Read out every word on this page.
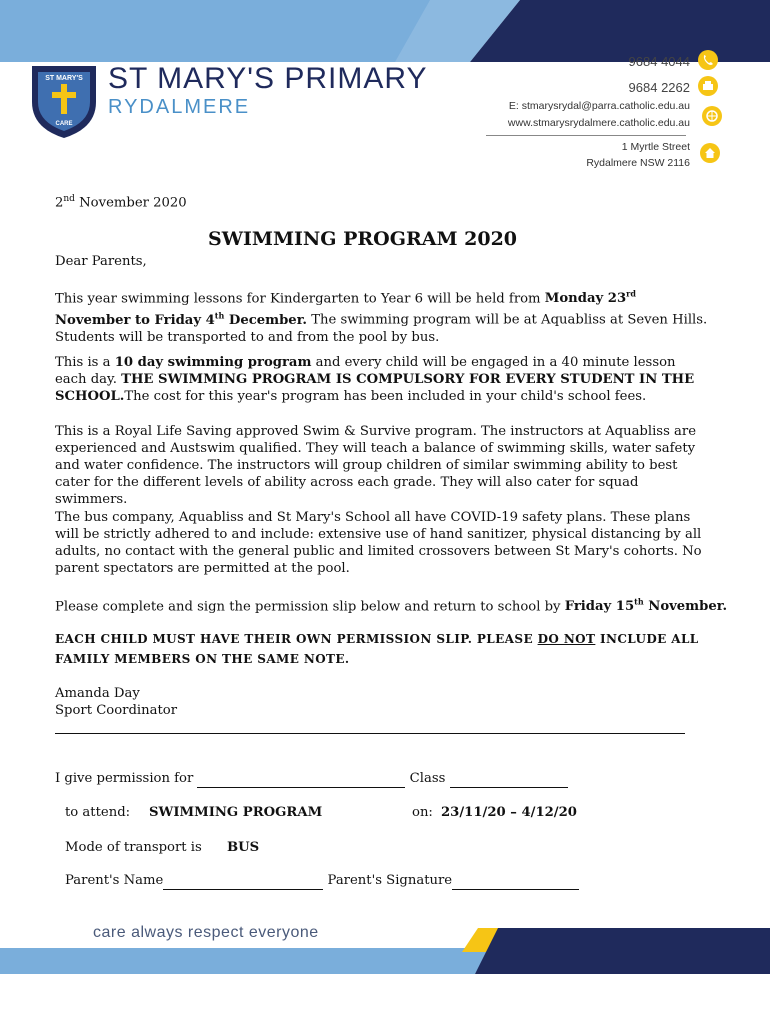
ST MARY'S
CARE
ST MARY'S PRIMARY
RYDALMERE
9684 4044
9684 2262
E: stmarysrydal@parra.catholic.edu.au
www.stmarysrydalmere.catholic.edu.au
1 Myrtle Street
Rydalmere NSW 2116
2nd November 2020
SWIMMING PROGRAM 2020
Dear Parents,

This year swimming lessons for Kindergarten to Year 6 will be held from Monday 23rd November to Friday 4th December. The swimming program will be at Aquabliss at Seven Hills. Students will be transported to and from the pool by bus.

This is a 10 day swimming program and every child will be engaged in a 40 minute lesson each day. THE SWIMMING PROGRAM IS COMPULSORY FOR EVERY STUDENT IN THE SCHOOL.The cost for this year's program has been included in your child's school fees.

This is a Royal Life Saving approved Swim & Survive program. The instructors at Aquabliss are experienced and Austswim qualified. They will teach a balance of swimming skills, water safety and water confidence. The instructors will group children of similar swimming ability to best cater for the different levels of ability across each grade. They will also cater for squad swimmers.
The bus company, Aquabliss and St Mary's School all have COVID-19 safety plans. These plans will be strictly adhered to and include: extensive use of hand sanitizer, physical distancing by all adults, no contact with the general public and limited crossovers between St Mary's cohorts. No parent spectators are permitted at the pool.

Please complete and sign the permission slip below and return to school by Friday 15th November.

EACH CHILD MUST HAVE THEIR OWN PERMISSION SLIP. PLEASE DO NOT INCLUDE ALL FAMILY MEMBERS ON THE SAME NOTE.

Amanda Day
Sport Coordinator
I give permission for	Class
to attend: SWIMMING PROGRAM	on: 23/11/20 – 4/12/20
Mode of transport is BUS
Parent's Name	Parent's Signature
care always respect everyone
